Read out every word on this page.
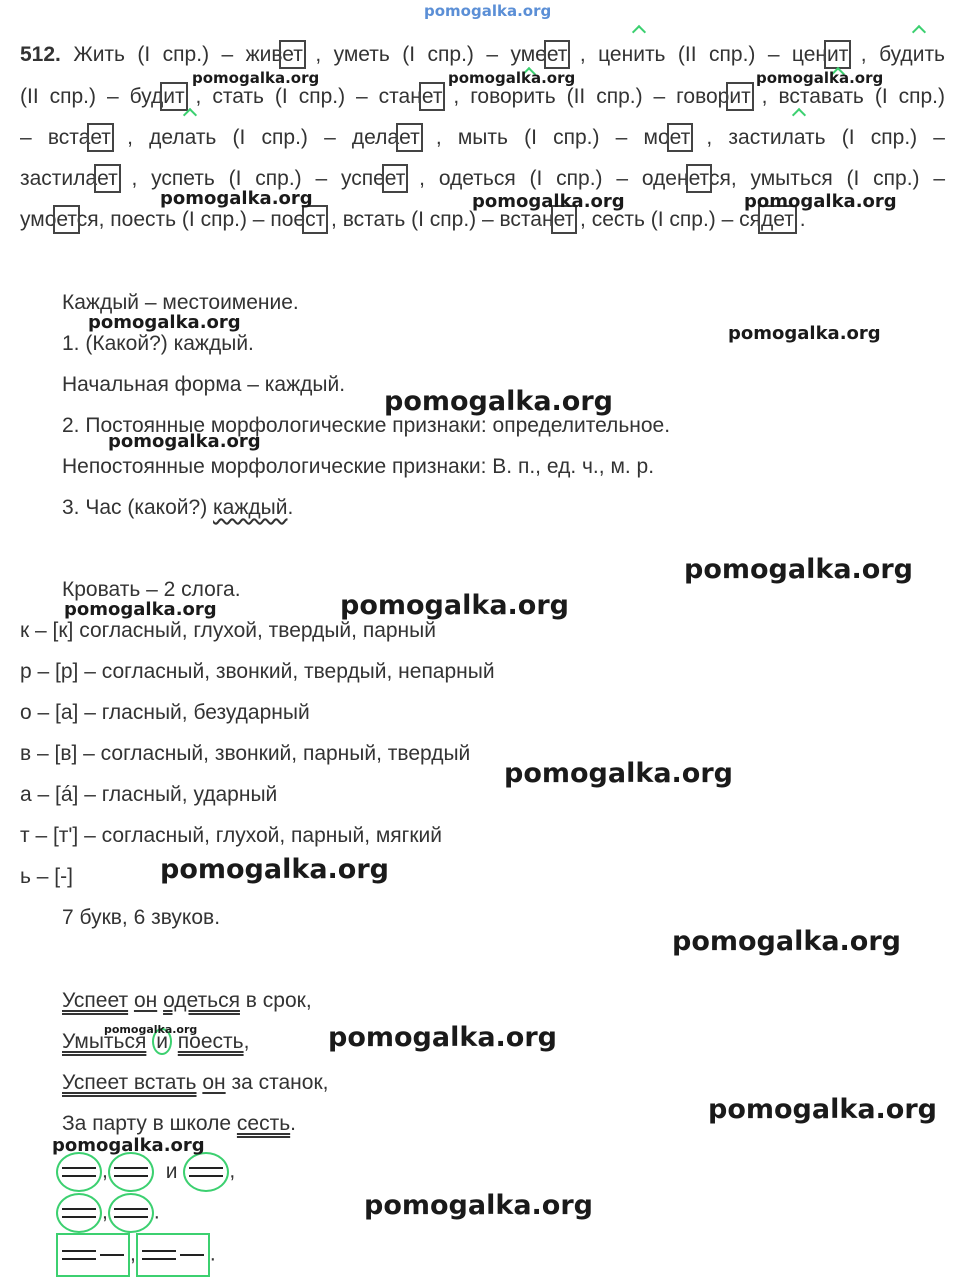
pomogalka.org
512. Жить (I спр.) – живет , уметь (I спр.) – умеет , ценить (II спр.) – ценит , будить
(II спр.) – будит , стать (I спр.) – станет , говорить (II спр.) – говорит , вставать (I спр.)
– встает , делать (I спр.) – делает , мыть (I спр.) – моет , застилать (I спр.) –
застилает , успеть (I спр.) – успеет , одеться (I спр.) – оденется, умыться (I спр.) –
умоется, поесть (I спр.) – поест , встать (I спр.) – встанет , сесть (I спр.) – сядет .
Каждый – местоимение.
1. (Какой?) каждый.
Начальная форма – каждый.
2. Постоянные морфологические признаки: определительное.
Непостоянные морфологические признаки: В. п., ед. ч., м. р.
3. Час (какой?) каждый.
Кровать – 2 слога.
к – [к] согласный, глухой, твердый, парный
р – [р] – согласный, звонкий, твердый, непарный
о – [а] – гласный, безударный
в – [в] – согласный, звонкий, парный, твердый
а – [á] – гласный, ударный
т – [т'] – согласный, глухой, парный, мягкий
ь – [-]
7 букв, 6 звуков.
Успеет он одеться в срок,
Умыться и поесть,
Успеет встать он за станок,
За парту в школе сесть.
,	и ,
, .
,	.
pomogalka.org	pomogalka.org	pomogalka.org
pomogalka.org	pomogalka.org	pomogalka.org
pomogalka.org
pomogalka.org
pomogalka.org
pomogalka.org
pomogalka.org
pomogalka.org	pomogalka.org
pomogalka.org
pomogalka.org
pomogalka.org
pomogalka.org	pomogalka.org
pomogalka.org
pomogalka.org
pomogalka.org
